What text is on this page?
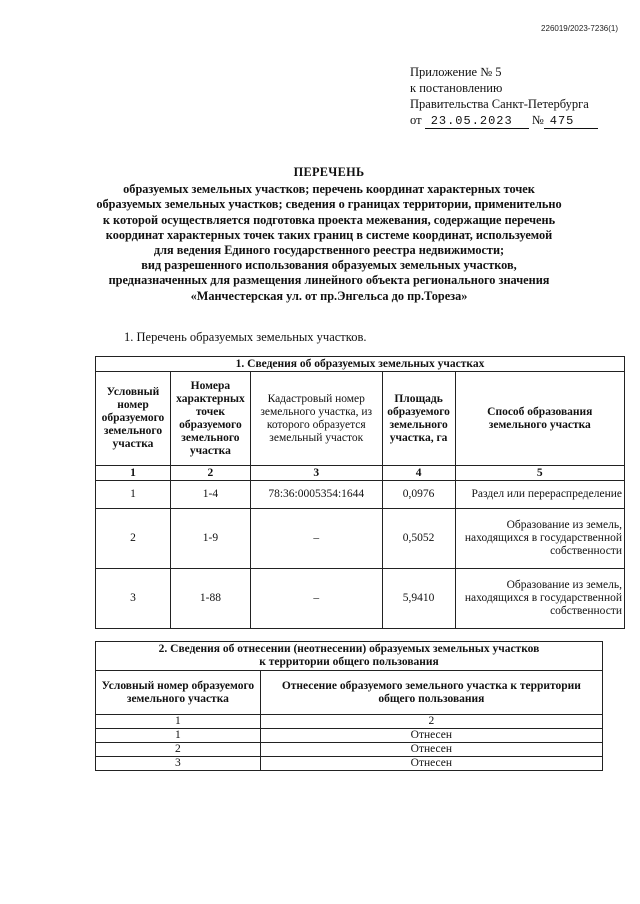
226019/2023-7236(1)
Приложение № 5
к постановлению
Правительства Санкт-Петербурга
от 23.05.2023 № 475
ПЕРЕЧЕНЬ
образуемых земельных участков; перечень координат характерных точек
образуемых земельных участков; сведения о границах территории, применительно
к которой осуществляется подготовка проекта межевания, содержащие перечень
координат характерных точек таких границ в системе координат, используемой
для ведения Единого государственного реестра недвижимости;
вид разрешенного использования образуемых земельных участков,
предназначенных для размещения линейного объекта регионального значения
«Манчестерская ул. от пр.Энгельса до пр.Тореза»
1. Перечень образуемых земельных участков.
1. Сведения об образуемых земельных участках				
Условный номер образуемого земельного участка	Номера характерных точек образуемого земельного участка	Кадастровый номер земельного участка, из которого образуется земельный участок	Площадь образуемого земельного участка, га	Способ образования земельного участка
1	2	3	4	5
1	1-4	78:36:0005354:1644	0,0976	Раздел или перераспределение
2	1-9	–	0,5052	Образование из земель, находящихся в государственной собственности
3	1-88	–	5,9410	Образование из земель, находящихся в государственной собственности
2. Сведения об отнесении (неотнесении) образуемых земельных участков
к территории общего пользования	

Условный номер образуемого земельного участка	Отнесение образуемого земельного участка к территории общего пользования
1	2
1	Отнесен
2	Отнесен
3	Отнесен
